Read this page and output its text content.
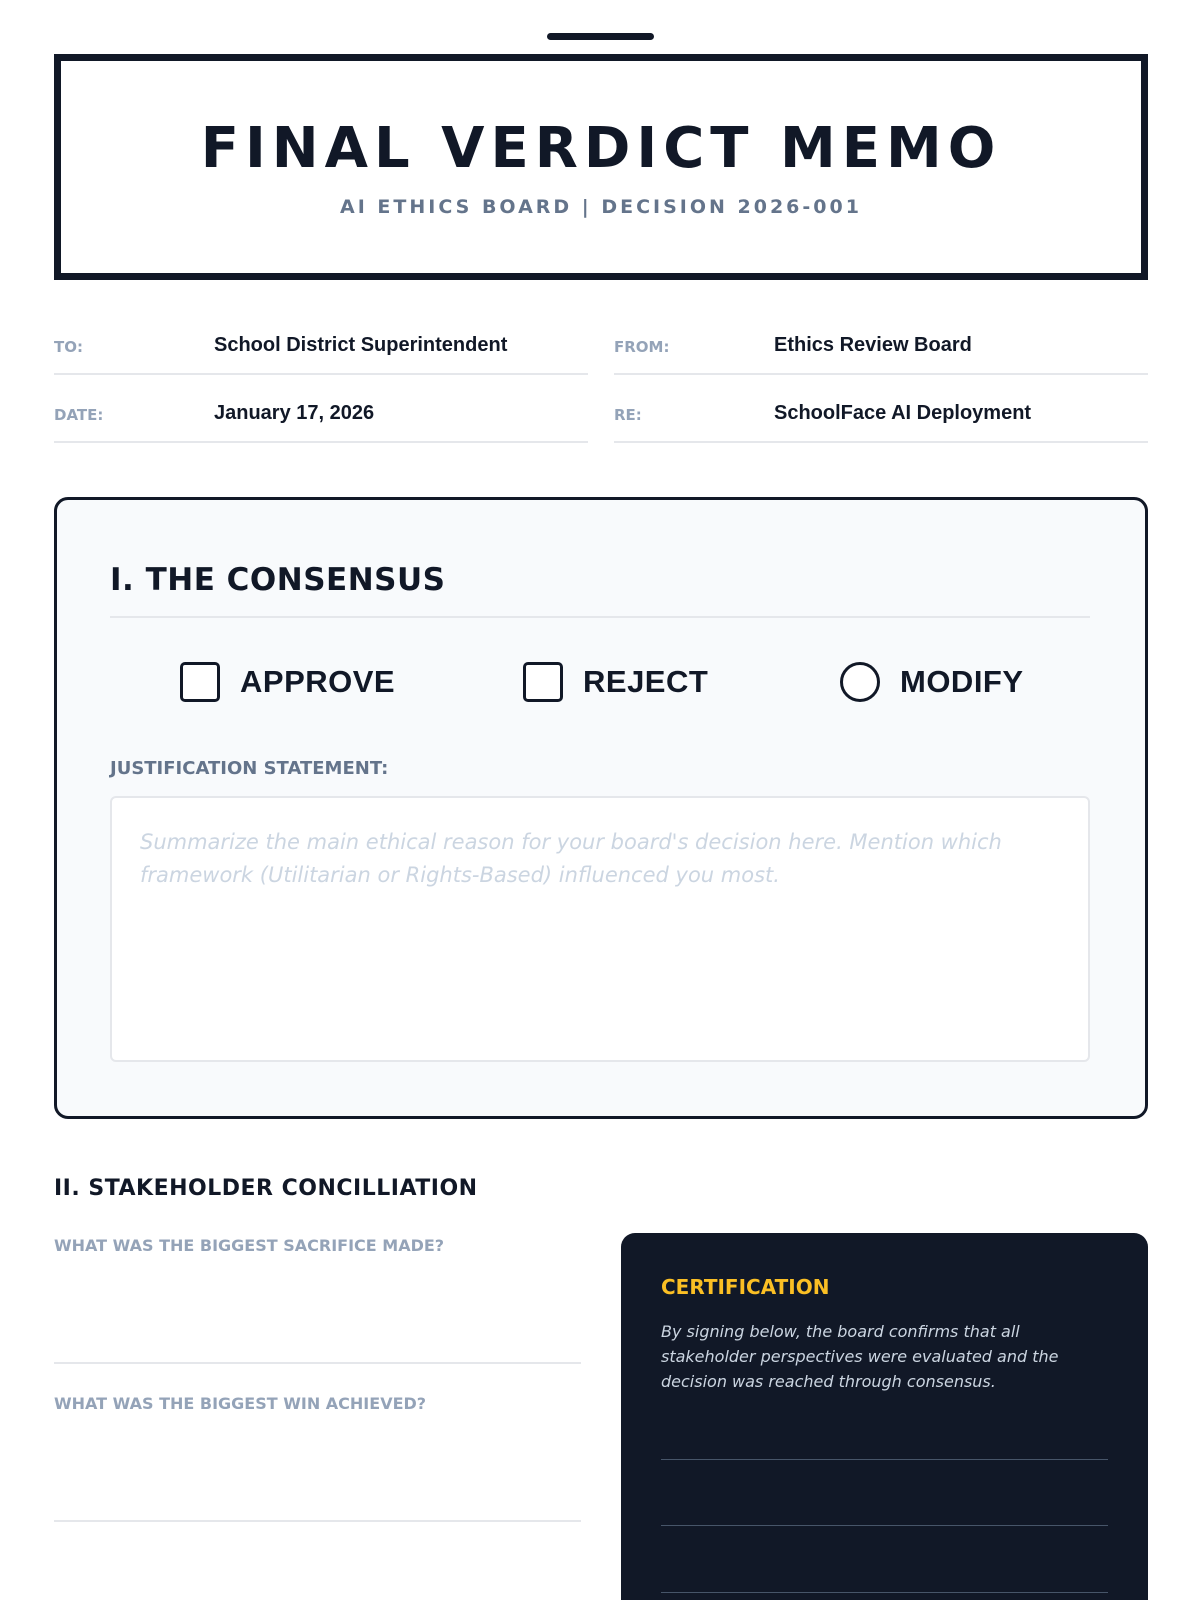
FINAL VERDICT MEMO
AI ETHICS BOARD | DECISION 2026-001
TO:	School District Superintendent	FROM:	Ethics Review Board
DATE:	January 17, 2026	RE:	SchoolFace AI Deployment
I. THE CONSENSUS
APPROVE	REJECT	MODIFY
JUSTIFICATION STATEMENT:
Summarize the main ethical reason for your board's decision here. Mention which framework (Utilitarian or Rights-Based) influenced you most.
II. STAKEHOLDER CONCILLIATION
WHAT WAS THE BIGGEST SACRIFICE MADE?
WHAT WAS THE BIGGEST WIN ACHIEVED?
CERTIFICATION
By signing below, the board confirms that all stakeholder perspectives were evaluated and the decision was reached through consensus.
